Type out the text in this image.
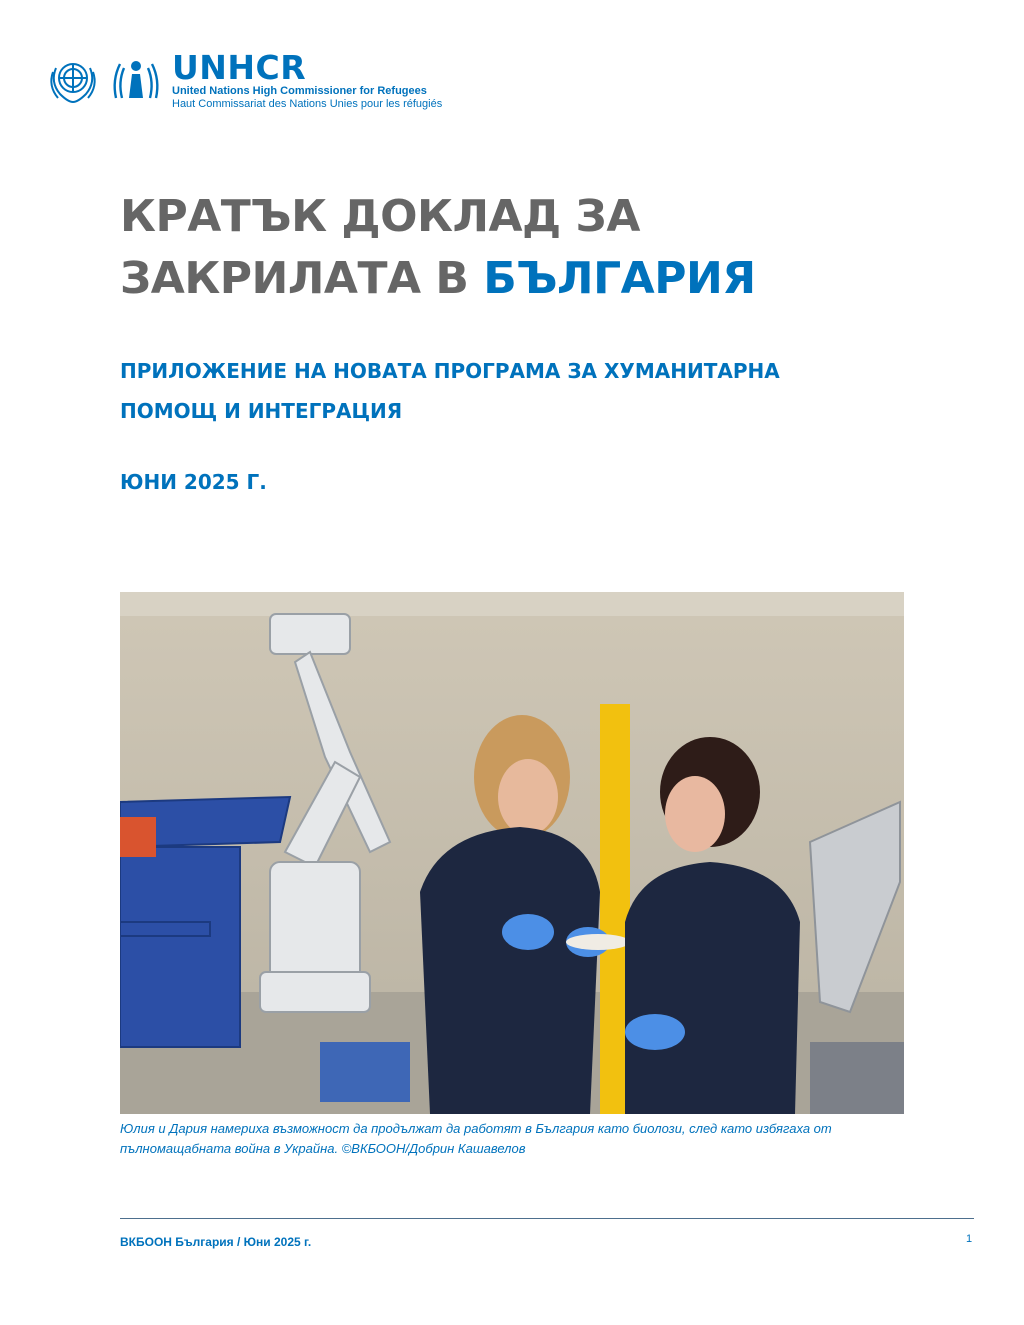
UNHCR
United Nations High Commissioner for Refugees
Haut Commissariat des Nations Unies pour les réfugiés
КРАТЪК ДОКЛАД ЗА
ЗАКРИЛАТА В БЪЛГАРИЯ

ПРИЛОЖЕНИЕ НА НОВАТА ПРОГРАМА ЗА ХУМАНИТАРНА ПОМОЩ И ИНТЕГРАЦИЯ

ЮНИ 2025 Г.

Юлия и Дария намериха възможност да продължат да работят в България като биолози, след като избягаха от пълномащабната война в Украйна. ©ВКБООН/Добрин Кашавелов

ВКБООН България / Юни 2025 г.	1
